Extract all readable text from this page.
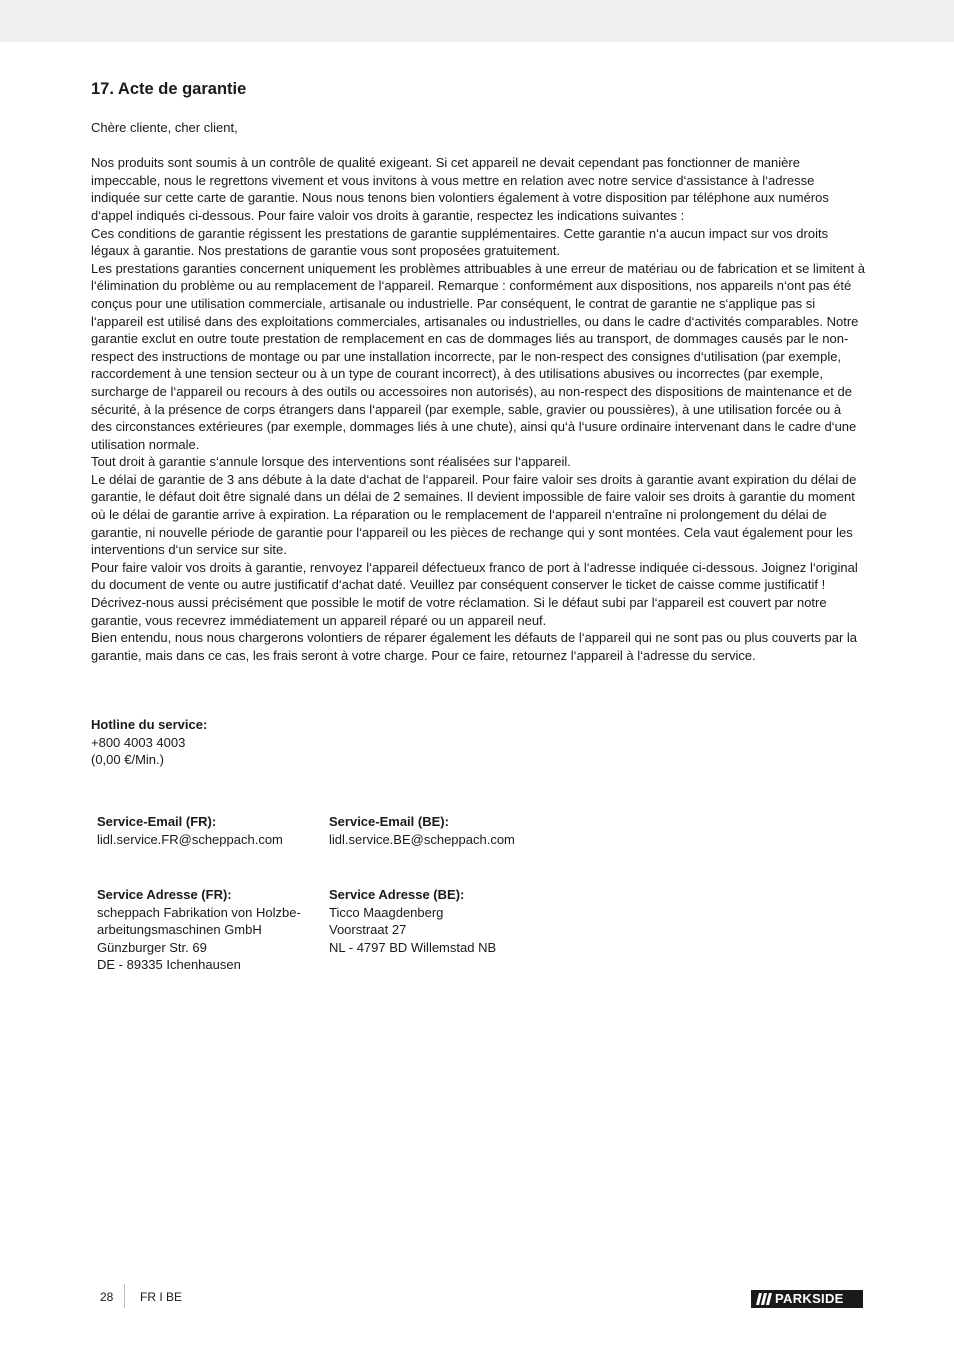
17. Acte de garantie

Chère cliente, cher client,

Nos produits sont soumis à un contrôle de qualité exigeant. Si cet appareil ne devait cependant pas fonctionner de manière impeccable, nous le regrettons vivement et vous invitons à vous mettre en relation avec notre service d‘assistance à l‘adresse indiquée sur cette carte de garantie. Nous nous tenons bien volontiers également à votre disposition par téléphone aux numéros d‘appel indiqués ci-dessous. Pour faire valoir vos droits à garantie, respectez les indications suivantes :

Ces conditions de garantie régissent les prestations de garantie supplémentaires. Cette garantie n‘a aucun impact sur vos droits légaux à garantie. Nos prestations de garantie vous sont proposées gratuitement.

Les prestations garanties concernent uniquement les problèmes attribuables à une erreur de matériau ou de fabrication et se limitent à l‘élimination du problème ou au remplacement de l‘appareil. Remarque : conformément aux dispositions, nos appareils n‘ont pas été conçus pour une utilisation commerciale, artisanale ou industrielle. Par conséquent, le contrat de garantie ne s‘applique pas si l‘appareil est utilisé dans des exploitations commerciales, artisanales ou industrielles, ou dans le cadre d‘activités comparables. Notre garantie exclut en outre toute prestation de remplacement en cas de dommages liés au transport, de dommages causés par le non-respect des instructions de montage ou par une installation incorrecte, par le non-respect des consignes d‘utilisation (par exemple, raccordement à une tension secteur ou à un type de courant incorrect), à des utilisations abusives ou incorrectes (par exemple, surcharge de l‘appareil ou recours à des outils ou accessoires non autorisés), au non-respect des dispositions de maintenance et de sécurité, à la présence de corps étrangers dans l‘appareil (par exemple, sable, gravier ou poussières), à une utilisation forcée ou à des circonstances extérieures (par exemple, dommages liés à une chute), ainsi qu‘à l‘usure ordinaire intervenant dans le cadre d‘une utilisation normale.

Tout droit à garantie s‘annule lorsque des interventions sont réalisées sur l‘appareil.

Le délai de garantie de 3 ans débute à la date d‘achat de l‘appareil. Pour faire valoir ses droits à garantie avant expiration du délai de garantie, le défaut doit être signalé dans un délai de 2 semaines. Il devient impossible de faire valoir ses droits à garantie du moment où le délai de garantie arrive à expiration. La réparation ou le remplacement de l‘appareil n‘entraîne ni prolongement du délai de garantie, ni nouvelle période de garantie pour l‘appareil ou les pièces de rechange qui y sont montées. Cela vaut également pour les interventions d‘un service sur site.

Pour faire valoir vos droits à garantie, renvoyez l‘appareil défectueux franco de port à l‘adresse indiquée ci-dessous. Joignez l‘original du document de vente ou autre justificatif d‘achat daté. Veuillez par conséquent conserver le ticket de caisse comme justificatif ! Décrivez-nous aussi précisément que possible le motif de votre réclamation. Si le défaut subi par l‘appareil est couvert par notre garantie, vous recevrez immédiatement un appareil réparé ou un appareil neuf.

Bien entendu, nous nous chargerons volontiers de réparer également les défauts de l‘appareil qui ne sont pas ou plus couverts par la garantie, mais dans ce cas, les frais seront à votre charge. Pour ce faire, retournez l‘appareil à l‘adresse du service.

Hotline du service:
+800 4003 4003
(0,00 €/Min.)
Service-Email (FR):
lidl.service.FR@scheppach.com
Service-Email (BE):
lidl.service.BE@scheppach.com
Service Adresse (FR):
scheppach Fabrikation von Holzbe-
arbeitungsmaschinen GmbH
Günzburger Str. 69
DE - 89335 Ichenhausen
Service Adresse (BE):
Ticco Maagdenberg
Voorstraat 27
NL - 4797 BD Willemstad NB
28 FR I BE	PARKSIDE
